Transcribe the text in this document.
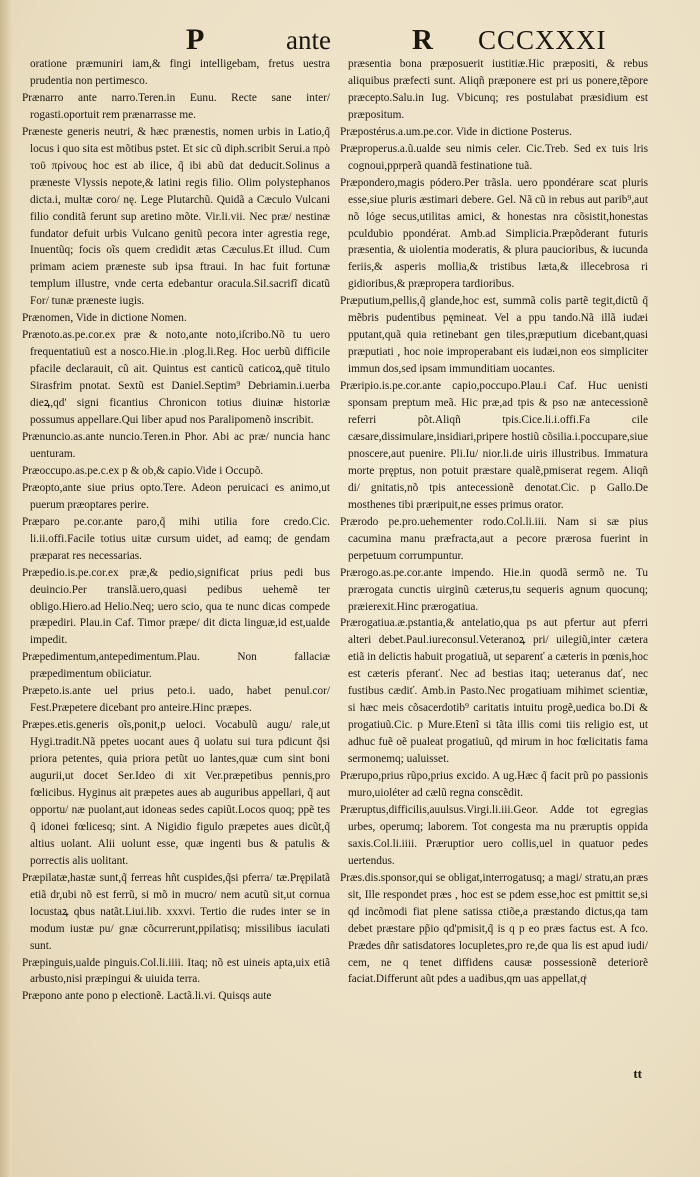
P	ante	R CCCXXXI

oratione præmuniri iam,& fingi intelligebam, fretus uestra prudentia non pertimesco.

Prænarro ante narro.Teren.in Eunu. Recte sane inter/ rogasti.oportuit rem prænarrasse me.

Præneste generis neutri, & hæc prænestis, nomen urbis in Latio,q̃ locus i quo sita est mõtibus pstet. Et sic cũ diph.scribit Serui.a πρὸ τοῦ πρίνους hoc est ab ilice, q̃ ibi abũ dat deducit.Solinus a præneste Vlyssis nepote,& latini regis filio. Olim polystephanos dicta.i, multæ coro/ nę. Lege Plutarchũ. Quidã a Cæculo Vulcani filio conditã ferunt sup aretino mõte. Vir.li.vii. Nec præ/ nestinæ fundator defuit urbis Vulcano genitũ pecora inter agrestia rege, Inuentũq; focis oĩs quem credidit ætas Cæculus.Et illud. Cum primam aciem præneste sub ipsa ftraui. In hac fuit fortunæ templum illustre, vnde certa edebantur oracula.Sil.sacrifĩ dicatũ For/ tunæ præneste iugis.

Prænomen, Vide in dictione Nomen.

Prænoto.as.pe.cor.ex præ & noto,ante noto,iſcribo.Nõ tu uero frequentatiuũ est a nosco.Hie.in .plog.li.Reg. Hoc uerbũ difficile pfacile declarauit, cũ ait. Quintus est canticũ caticoꝝ,quẽ titulo Sirasfrim pnotat. Sextũ est Daniel.Septim⁹ Debriamin.i.uerba dieꝝ,qd' signi ficantius Chronicon totius diuinæ historiæ possumus appellare.Qui liber apud nos Paralipomenõ inscribit.

Prænuncio.as.ante nuncio.Teren.in Phor. Abi ac præ/ nuncia hanc uenturam.

Præoccupo.as.pe.c.ex p & ob,& capio.Vide i Occupõ.

Præopto,ante siue prius opto.Tere. Adeon peruicaci es animo,ut puerum præoptares perire.

Præparo pe.cor.ante paro,q̃ mihi utilia fore credo.Cic. li.ii.offi.Facile totius uitæ cursum uidet, ad eamq; de gendam præparat res necessarias.

Præpedio.is.pe.cor.ex præ,& pedio,significat prius pedi bus deuincio.Per translã.uero,quasi pedibus uehemẽ ter obligo.Hiero.ad Helio.Neq; uero scio, qua te nunc dicas compede præpediri. Plau.in Caf. Timor præpe/ dit dicta linguæ,id est,ualde impedit.

Præpedimentum,antepedimentum.Plau. Non fallaciæ præpedimentum obiiciatur.

Præpeto.is.ante uel prius peto.i. uado, habet penul.cor/ Fest.Præpetere dicebant pro anteire.Hinc præpes.

Præpes.etis.generis oĩs,ponit,p ueloci. Vocabulũ augu/ rale,ut Hygi.tradit.Nã ppetes uocant aues q̃ uolatu sui tura pdicunt q̃si priora petentes, quia priora petũt uo lantes,quæ cum sint boni augurii,ut docet Ser.Ideo di xit Ver.præpetibus pennis,pro fœlicibus. Hyginus ait præpetes aues ab auguribus appellari, q̃ aut opportu/ næ puolant,aut idoneas sedes capiũt.Locos quoq; ppẽ tes q̃ idonei fœlicesq; sint. A Nigidio figulo præpetes aues dicũt,q̃ altius uolant. Alii uolunt esse, quæ ingenti bus & patulis & porrectis alis uolitant.

Præpilatæ,hastæ sunt,q̃ ferreas hñt cuspides,q̃si pferra/ tæ.Prępilatã etiã dr,ubi nõ est ferrũ, si mõ in mucro/ nem acutũ sit,ut cornua locustaꝝ qbus natãt.Liui.lib. xxxvi. Tertio die rudes inter se in modum iustæ pu/ gnæ cõcurrerunt,ppilatisq; missilibus iaculati sunt.

Præpinguis,ualde pinguis.Col.li.iiii. Itaq; nõ est uineis apta,uix etiã arbusto,nisi præpingui & uiuida terra.

Præpono ante pono p electionẽ. Lactã.li.vi. Quisqs aute

præsentia bona præposuerit iustitiæ.Hic præpositi, & rebus aliquibus præfecti sunt. Aliqñ præponere est pri us ponere,tẽpore præcepto.Salu.in Iug. Vbicunq; res postulabat præsidium est præpositum.

Præpostérus.a.um.pe.cor. Vide in dictione Posterus.

Præproperus.a.ũ.ualde seu nimis celer. Cic.Treb. Sed ex tuis lris cognoui,pprperã quandã festinatione tuã.

Præpondero,magis pódero.Per trãsla. uero ppondérare scat pluris esse,siue pluris æstimari debere. Gel. Nã cũ in rebus aut parib⁹,aut nõ lóge secus,utilitas amici, & honestas nra cõsistit,honestas pculdubio ppondérat. Amb.ad Simplicia.Præpõderant futuris præsentia, & uiolentia moderatis, & plura paucioribus, & iucunda feriis,& asperis mollia,& tristibus læta,& illecebrosa ri gidioribus,& præpropera tardioribus.

Præputium,pellis,q̃ glande,hoc est, summã colis partẽ tegit,dictũ q̃ mẽbris pudentibus pęmineat. Vel a ppu tando.Nã illã iudæi pputant,quã quia retinebant gen tiles,præputium dicebant,quasi præputiati , hoc noie improperabant eis iudæi,non eos simpliciter immun dos,sed ipsam immunditiam uocantes.

Præripio.is.pe.cor.ante capio,poccupo.Plau.i Caf. Huc uenisti sponsam preptum meã. Hic præ,ad tpis & pso næ antecessionẽ referri põt.Aliqñ tpis.Cice.li.i.offi.Fa cile cæsare,dissimulare,insidiari,pripere hostiũ cõsilia.i.poccupare,siue pnoscere,aut puenire. Pli.Iu/ nior.li.de uiris illustribus. Immatura morte pręptus, non potuit præstare qualẽ,pmiserat regem. Aliqñ di/ gnitatis,nõ tpis antecessionẽ denotat.Cic. p Gallo.De mosthenes tibi præripuit,ne esses primus orator.

Prærodo pe.pro.uehementer rodo.Col.li.iii. Nam si sæ pius cacumina manu præfracta,aut a pecore prærosa fuerint in perpetuum corrumpuntur.

Prærogo.as.pe.cor.ante impendo. Hie.in quodã sermõ ne. Tu prærogata cunctis uirginũ cæterus,tu sequeris agnum quocunq; præierexit.Hinc prærogatiua.

Prærogatiua.æ.pstantia,& antelatio,qua ps aut pfertur aut pferri alteri debet.Paul.iureconsul.Veteranoꝝ pri/ uilegiũ,inter cætera etiã in delictis habuit progatiuã, ut separenť a cæteris in pœnis,hoc est cæteris pferanť. Nec ad bestias itaq; ueteranus dať, nec fustibus cædiť. Amb.in Pasto.Nec progatiuam mihimet scientiæ, si hæc meis cõsacerdotib⁹ caritatis intuitu progẽ,uedica bo.Di & progatiuũ.Cic. p Mure.Etenĩ si tãta illis comi tiis religio est, ut adhuc fuẽ oẽ pualeat progatiuũ, qd mirum in hoc fœlicitatis fama sermonemq; ualuisset.

Prærupo,prius rũpo,prius excido. A ug.Hæc q̃ facit prũ po passionis muro,uioléter ad cælũ regna conscẽdit.

Præruptus,difficilis,auulsus.Virgi.li.iii.Geor. Adde tot egregias urbes, operumq; laborem. Tot congesta ma nu præruptis oppida saxis.Col.li.iiii. Præruptior uero collis,uel in quatuor pedes uertendus.

Præs.dis.sponsor,qui se obligat,interrogatusq; a magi/ stratu,an præs sit, Ille respondet præs , hoc est se pdem esse,hoc est pmittit se,si qd incõmodi fiat plene satissa ctiõe,a præstando dictus,qa tam debet præstare pp̃io qd'pmisit,q̃ is q p eo præs factus est. A fco. Prædes dñr satisdatores locupletes,pro re,de qua lis est apud iudi/ cem, ne q tenet diffidens causæ possessionẽ deteriorẽ faciat.Differunt aũt pdes a uadibus,qm uas appellat,qͥ

tt
